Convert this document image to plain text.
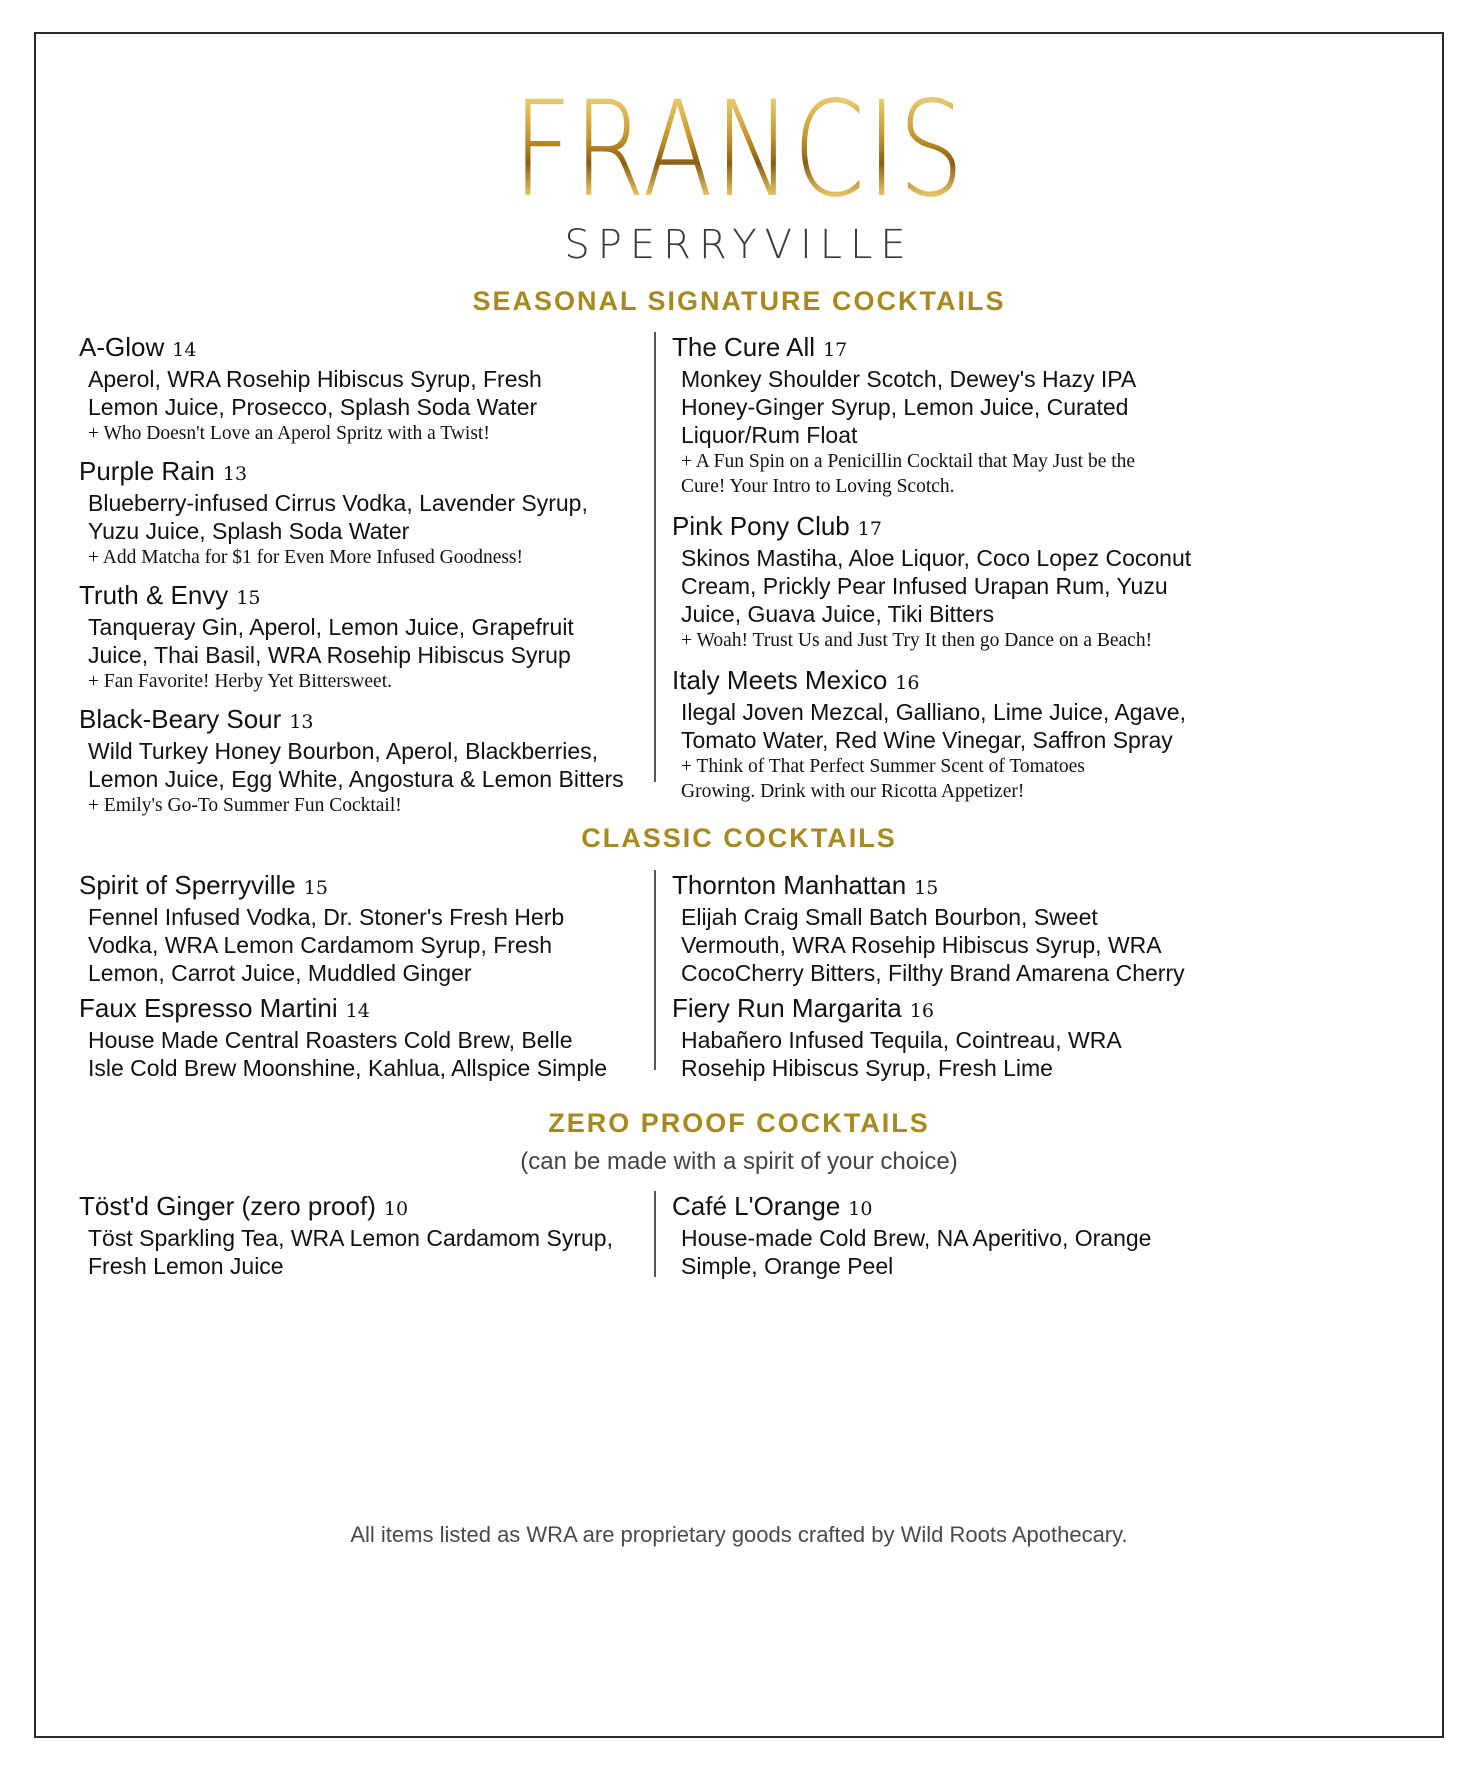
FRANCIS
SPERRYVILLE
SEASONAL SIGNATURE COCKTAILS
A-Glow 14
Aperol, WRA Rosehip Hibiscus Syrup, Fresh
Lemon Juice, Prosecco, Splash Soda Water
+ Who Doesn't Love an Aperol Spritz with a Twist!
Purple Rain 13
Blueberry-infused Cirrus Vodka, Lavender Syrup,
Yuzu Juice, Splash Soda Water
+ Add Matcha for $1 for Even More Infused Goodness!
Truth & Envy 15
Tanqueray Gin, Aperol, Lemon Juice, Grapefruit
Juice, Thai Basil, WRA Rosehip Hibiscus Syrup
+ Fan Favorite! Herby Yet Bittersweet.
Black-Beary Sour 13
Wild Turkey Honey Bourbon, Aperol, Blackberries,
Lemon Juice, Egg White, Angostura & Lemon Bitters
+ Emily's Go-To Summer Fun Cocktail!
The Cure All 17
Monkey Shoulder Scotch, Dewey's Hazy IPA
Honey-Ginger Syrup, Lemon Juice, Curated
Liquor/Rum Float
+ A Fun Spin on a Penicillin Cocktail that May Just be the
Cure! Your Intro to Loving Scotch.
Pink Pony Club 17
Skinos Mastiha, Aloe Liquor, Coco Lopez Coconut
Cream, Prickly Pear Infused Urapan Rum, Yuzu
Juice, Guava Juice, Tiki Bitters
+ Woah! Trust Us and Just Try It then go Dance on a Beach!
Italy Meets Mexico 16
Ilegal Joven Mezcal, Galliano, Lime Juice, Agave,
Tomato Water, Red Wine Vinegar, Saffron Spray
+ Think of That Perfect Summer Scent of Tomatoes
Growing. Drink with our Ricotta Appetizer!
CLASSIC COCKTAILS
Spirit of Sperryville 15
Fennel Infused Vodka, Dr. Stoner's Fresh Herb
Vodka, WRA Lemon Cardamom Syrup, Fresh
Lemon, Carrot Juice, Muddled Ginger
Faux Espresso Martini 14
House Made Central Roasters Cold Brew, Belle
Isle Cold Brew Moonshine, Kahlua, Allspice Simple
Thornton Manhattan 15
Elijah Craig Small Batch Bourbon, Sweet
Vermouth, WRA Rosehip Hibiscus Syrup, WRA
CocoCherry Bitters, Filthy Brand Amarena Cherry
Fiery Run Margarita 16
Habañero Infused Tequila, Cointreau, WRA
Rosehip Hibiscus Syrup, Fresh Lime
ZERO PROOF COCKTAILS
(can be made with a spirit of your choice)
Töst'd Ginger (zero proof) 10
Töst Sparkling Tea, WRA Lemon Cardamom Syrup,
Fresh Lemon Juice
Café L'Orange 10
House-made Cold Brew, NA Aperitivo, Orange
Simple, Orange Peel
All items listed as WRA are proprietary goods crafted by Wild Roots Apothecary.
